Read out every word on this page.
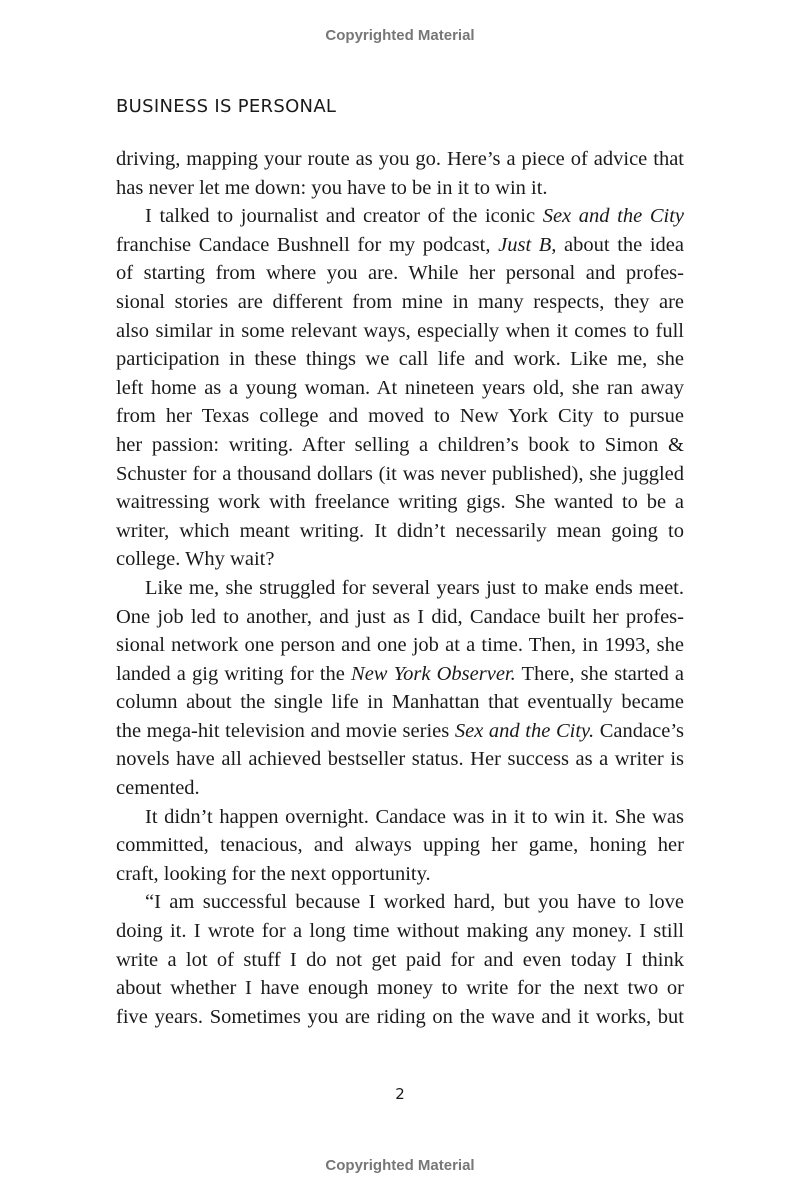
Copyrighted Material
BUSINESS IS PERSONAL
driving, mapping your route as you go. Here’s a piece of advice that
has never let me down: you have to be in it to win it.
I talked to journalist and creator of the iconic Sex and the City
franchise Candace Bushnell for my podcast, Just B, about the idea
of starting from where you are. While her personal and profes-
sional stories are different from mine in many respects, they are
also similar in some relevant ways, especially when it comes to full
participation in these things we call life and work. Like me, she
left home as a young woman. At nineteen years old, she ran away
from her Texas college and moved to New York City to pursue
her passion: writing. After selling a children’s book to Simon &
Schuster for a thousand dollars (it was never published), she juggled
waitressing work with freelance writing gigs. She wanted to be a
writer, which meant writing. It didn’t necessarily mean going to
college. Why wait?
Like me, she struggled for several years just to make ends meet.
One job led to another, and just as I did, Candace built her profes-
sional network one person and one job at a time. Then, in 1993, she
landed a gig writing for the New York Observer. There, she started a
column about the single life in Manhattan that eventually became
the mega-hit television and movie series Sex and the City. Candace’s
novels have all achieved bestseller status. Her success as a writer is
cemented.
It didn’t happen overnight. Candace was in it to win it. She was
committed, tenacious, and always upping her game, honing her
craft, looking for the next opportunity.
“I am successful because I worked hard, but you have to love
doing it. I wrote for a long time without making any money. I still
write a lot of stuff I do not get paid for and even today I think
about whether I have enough money to write for the next two or
five years. Sometimes you are riding on the wave and it works, but
2
Copyrighted Material
